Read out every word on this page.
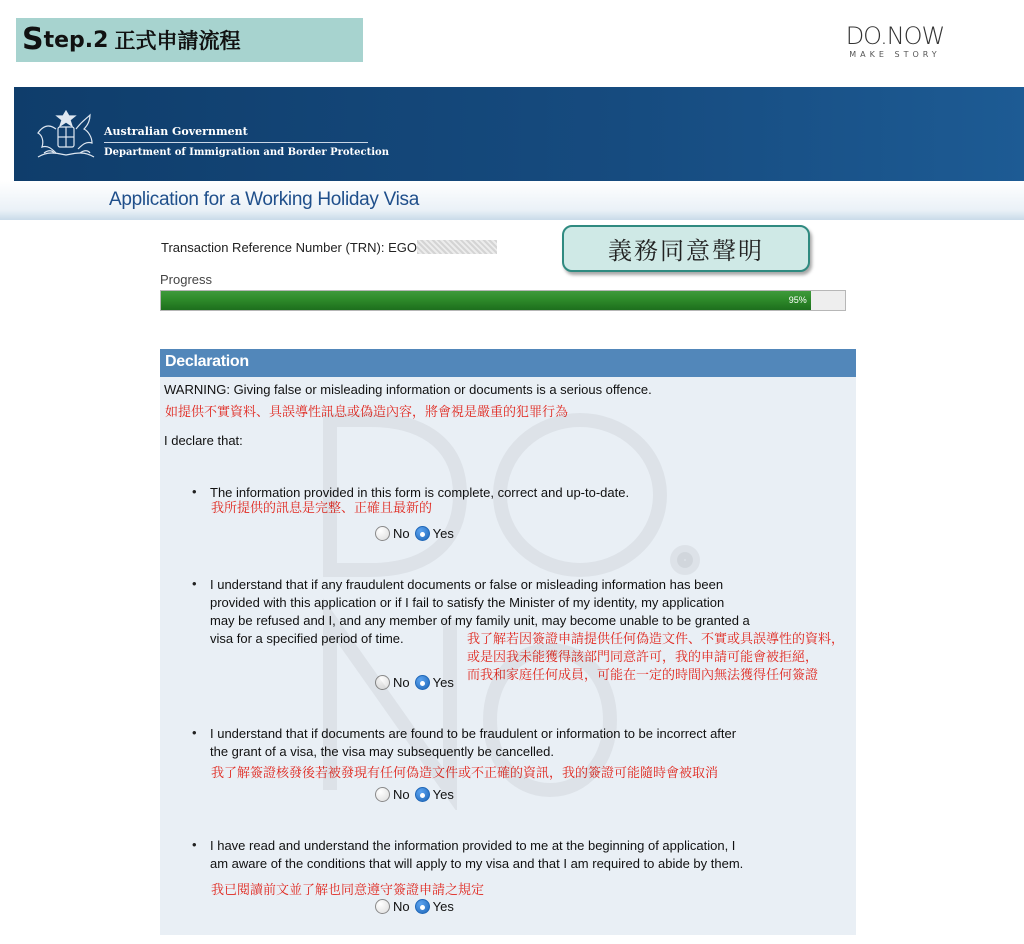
S tep.2 正式申請流程	DO.NOW
MAKE STORY
Australian Government
Department of Immigration and Border Protection
Application for a Working Holiday Visa
Transaction Reference Number (TRN): EGO	義務同意聲明
Progress
95%
Declaration
WARNING: Giving false or misleading information or documents is a serious offence.
如提供不實資料、具誤導性訊息或偽造內容，將會視是嚴重的犯罪行為
I declare that:
• The information provided in this form is complete, correct and up-to-date.
我所提供的訊息是完整、正確且最新的
No Yes
• I understand that if any fraudulent documents or false or misleading information has been
provided with this application or if I fail to satisfy the Minister of my identity, my application
may be refused and I, and any member of my family unit, may become unable to be granted a
visa for a specified period of time.	我了解若因簽證申請提供任何偽造文件、不實或具誤導性的資料，
或是因我未能獲得該部門同意許可，我的申請可能會被拒絕，
而我和家庭任何成員，可能在一定的時間內無法獲得任何簽證
No Yes
• I understand that if documents are found to be fraudulent or information to be incorrect after
the grant of a visa, the visa may subsequently be cancelled.
我了解簽證核發後若被發現有任何偽造文件或不正確的資訊，我的簽證可能隨時會被取消
No Yes
• I have read and understand the information provided to me at the beginning of application, I
am aware of the conditions that will apply to my visa and that I am required to abide by them.
我已閱讀前文並了解也同意遵守簽證申請之規定
No Yes
